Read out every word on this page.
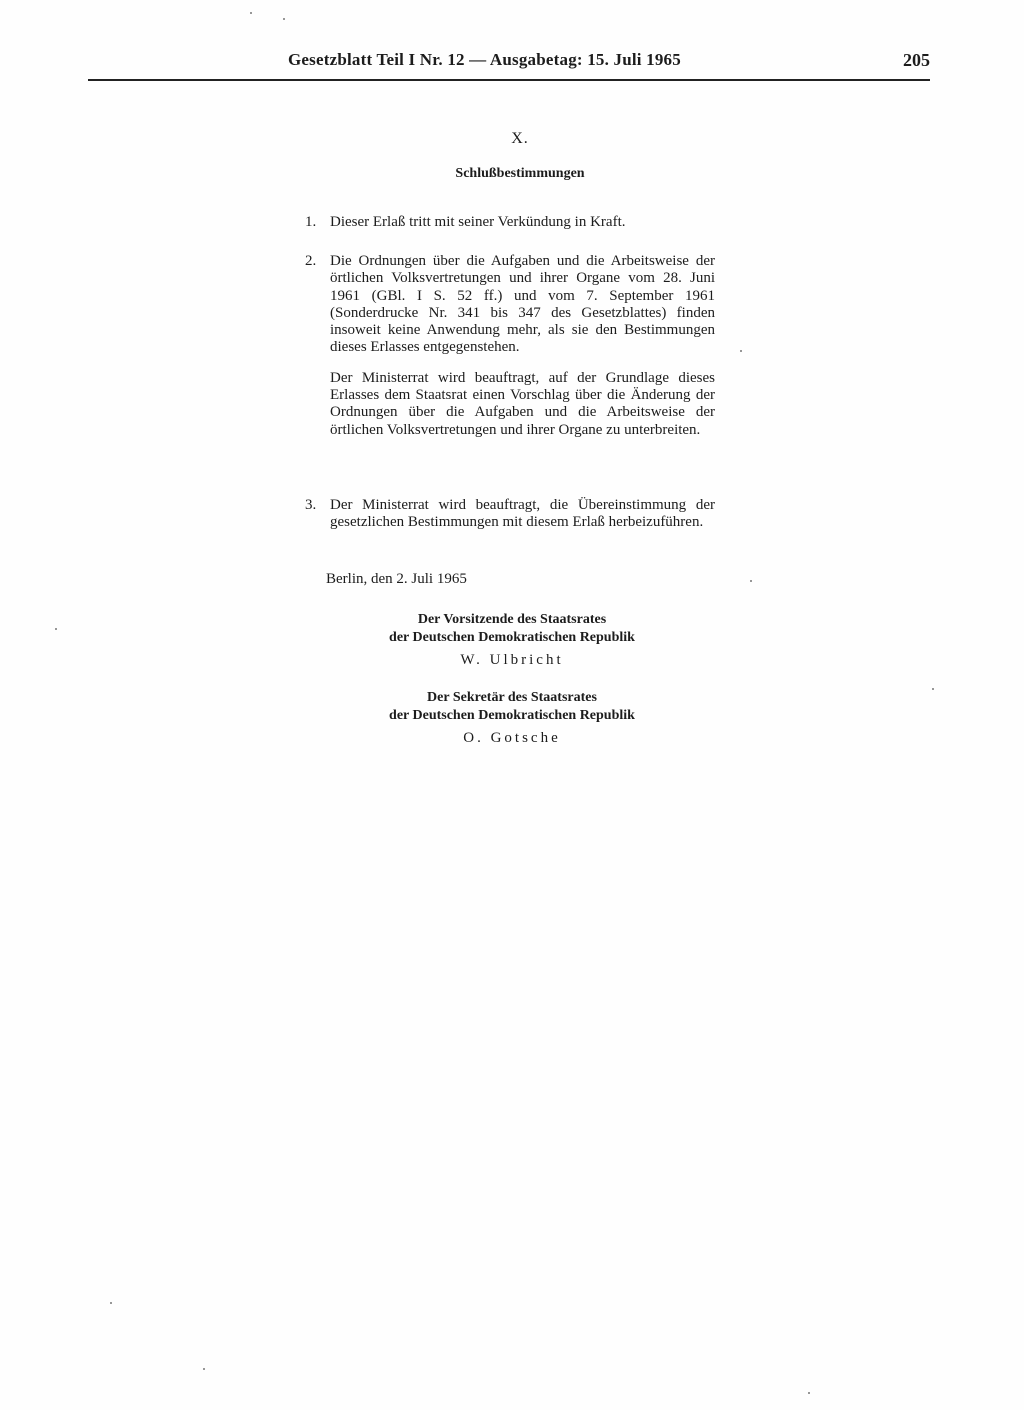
Gesetzblatt Teil I Nr. 12 — Ausgabetag: 15. Juli 1965	205
X.
Schlußbestimmungen
1. Dieser Erlaß tritt mit seiner Verkündung in Kraft.

2. Die Ordnungen über die Aufgaben und die Arbeitsweise der örtlichen Volksvertretungen und ihrer Organe vom 28. Juni 1961 (GBl. I S. 52 ff.) und vom 7. September 1961 (Sonderdrucke Nr. 341 bis 347 des Gesetzblattes) finden insoweit keine Anwendung mehr, als sie den Bestimmungen dieses Erlasses entgegenstehen.

Der Ministerrat wird beauftragt, auf der Grundlage dieses Erlasses dem Staatsrat einen Vorschlag über die Änderung der Ordnungen über die Aufgaben und die Arbeitsweise der örtlichen Volksvertretungen und ihrer Organe zu unterbreiten.

3. Der Ministerrat wird beauftragt, die Übereinstimmung der gesetzlichen Bestimmungen mit diesem Erlaß herbeizuführen.

Berlin, den 2. Juli 1965
Der Vorsitzende des Staatsrates
der Deutschen Demokratischen Republik
W. Ulbricht
Der Sekretär des Staatsrates
der Deutschen Demokratischen Republik
O. Gotsche
